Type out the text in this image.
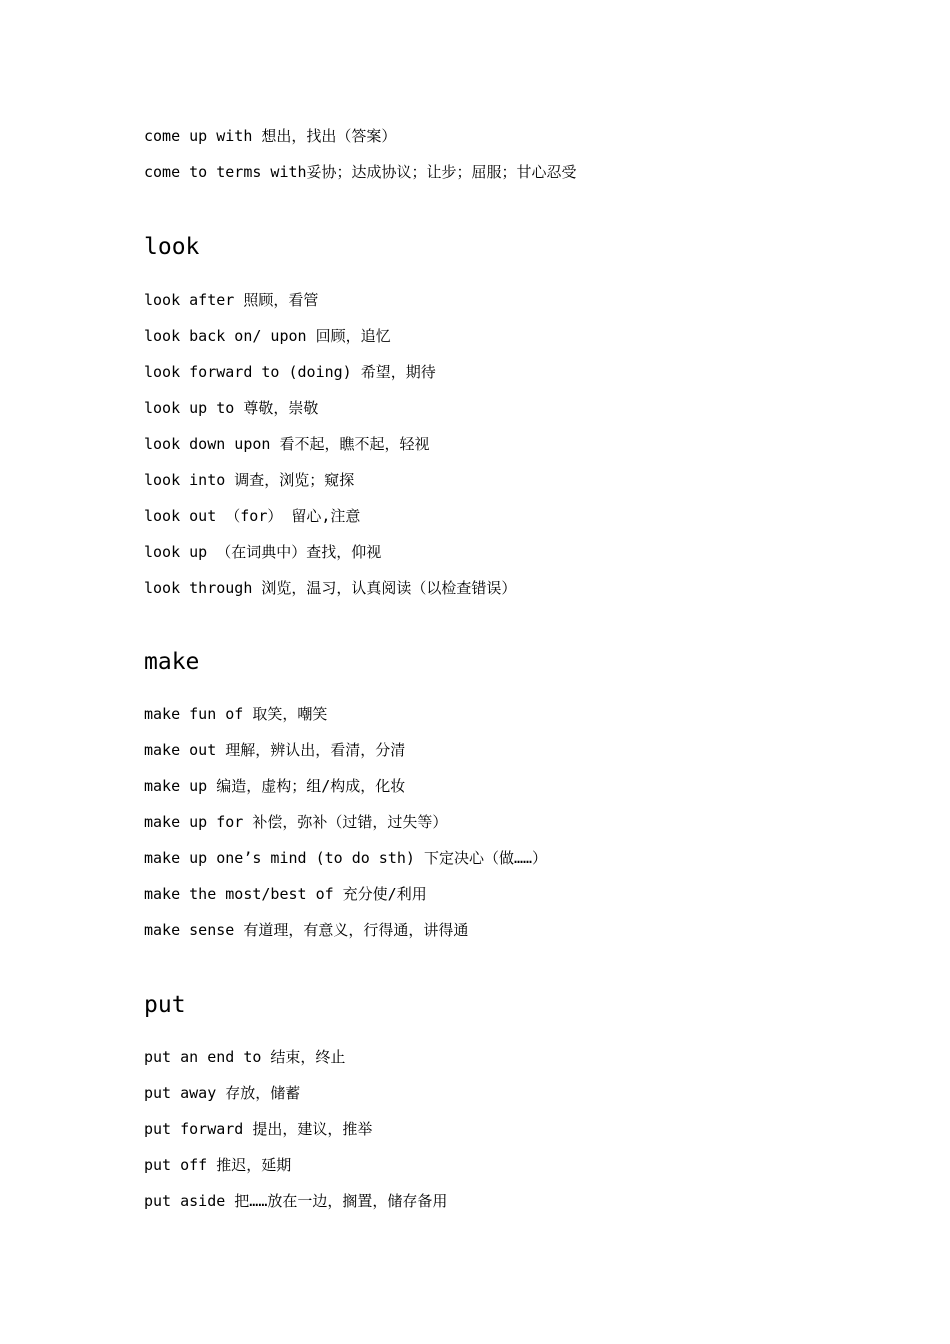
come up with 想出，找出（答案）
come to terms with妥协；达成协议；让步；屈服；甘心忍受
look
look after 照顾，看管
look back on/ upon 回顾，追忆
look forward to (doing) 希望，期待
look up to 尊敬，崇敬
look down upon 看不起，瞧不起，轻视
look into 调查，浏览；窥探
look out （for） 留心,注意
look up （在词典中）查找，仰视
look through 浏览，温习，认真阅读（以检查错误）
make
make fun of 取笑，嘲笑
make out 理解，辨认出，看清，分清
make up 编造，虚构；组/构成，化妆
make up for 补偿，弥补（过错，过失等）
make up one’s mind (to do sth) 下定决心（做……）
make the most/best of 充分使/利用
make sense 有道理，有意义，行得通，讲得通
put
put an end to 结束，终止
put away 存放，储蓄
put forward 提出，建议，推举
put off 推迟，延期
put aside 把……放在一边，搁置，储存备用
